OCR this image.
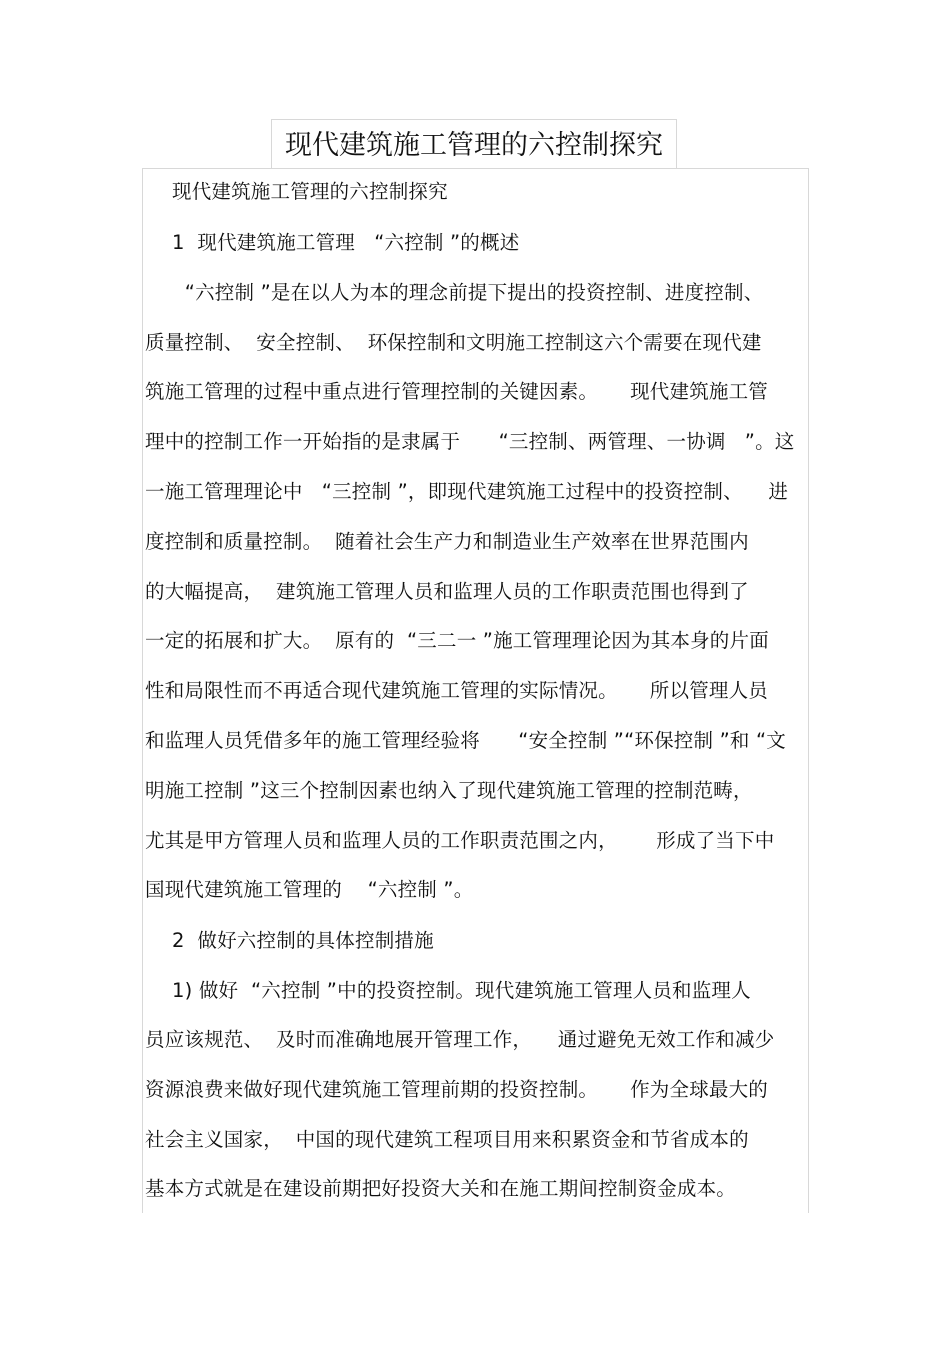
现代建筑施工管理的六控制探究
现代建筑施工管理的六控制探究
1  现代建筑施工管理   “六控制 ”的概述
“六控制 ”是在以人为本的理念前提下提出的投资控制、进度控制、
质量控制、  安全控制、  环保控制和文明施工控制这六个需要在现代建
筑施工管理的过程中重点进行管理控制的关键因素。     现代建筑施工管
理中的控制工作一开始指的是隶属于      “三控制、两管理、一协调   ”。这
一施工管理理论中   “三控制 ”，即现代建筑施工过程中的投资控制、    进
度控制和质量控制。  随着社会生产力和制造业生产效率在世界范围内
的大幅提高，  建筑施工管理人员和监理人员的工作职责范围也得到了
一定的拓展和扩大。  原有的  “三二一 ”施工管理理论因为其本身的片面
性和局限性而不再适合现代建筑施工管理的实际情况。     所以管理人员
和监理人员凭借多年的施工管理经验将      “安全控制 ”“环保控制 ”和 “文
明施工控制 ”这三个控制因素也纳入了现代建筑施工管理的控制范畴，
尤其是甲方管理人员和监理人员的工作职责范围之内，      形成了当下中
国现代建筑施工管理的    “六控制 ”。
2  做好六控制的具体控制措施
1) 做好  “六控制 ”中的投资控制。现代建筑施工管理人员和监理人
员应该规范、  及时而准确地展开管理工作，    通过避免无效工作和减少
资源浪费来做好现代建筑施工管理前期的投资控制。     作为全球最大的
社会主义国家，  中国的现代建筑工程项目用来积累资金和节省成本的
基本方式就是在建设前期把好投资大关和在施工期间控制资金成本。
